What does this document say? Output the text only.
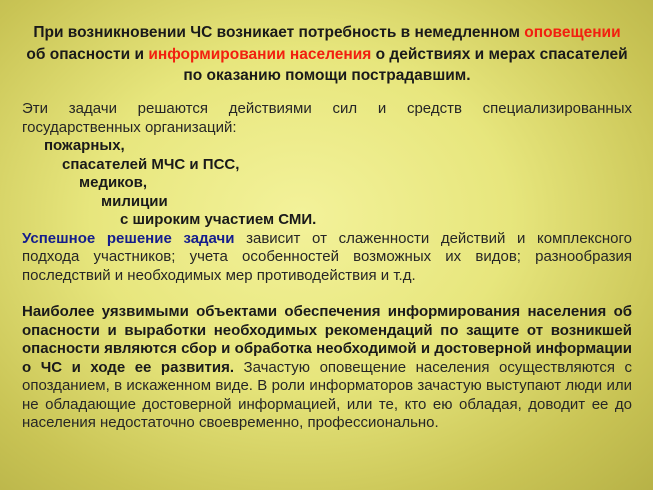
При возникновении ЧС возникает потребность в немедленном оповещении об опасности и информировании населения о действиях и мерах спасателей по оказанию помощи пострадавшим.

Эти задачи решаются действиями сил и средств специализированных государственных организаций:

пожарных,

спасателей МЧС и ПСС,

медиков,

милиции

с широким участием СМИ.

Успешное решение задачи зависит от слаженности действий и комплексного подхода участников; учета особенностей возможных их видов; разнообразия последствий и необходимых мер противодействия и т.д.

Наиболее уязвимыми объектами обеспечения информирования населения об опасности и выработки необходимых рекомендаций по защите от возникшей опасности являются сбор и обработка необходимой и достоверной информации о ЧС и ходе ее развития. Зачастую оповещение населения осуществляются с опозданием, в искаженном виде. В роли информаторов зачастую выступают люди или не обладающие достоверной информацией, или те, кто ею обладая, доводит ее до населения недостаточно своевременно, профессионально.
